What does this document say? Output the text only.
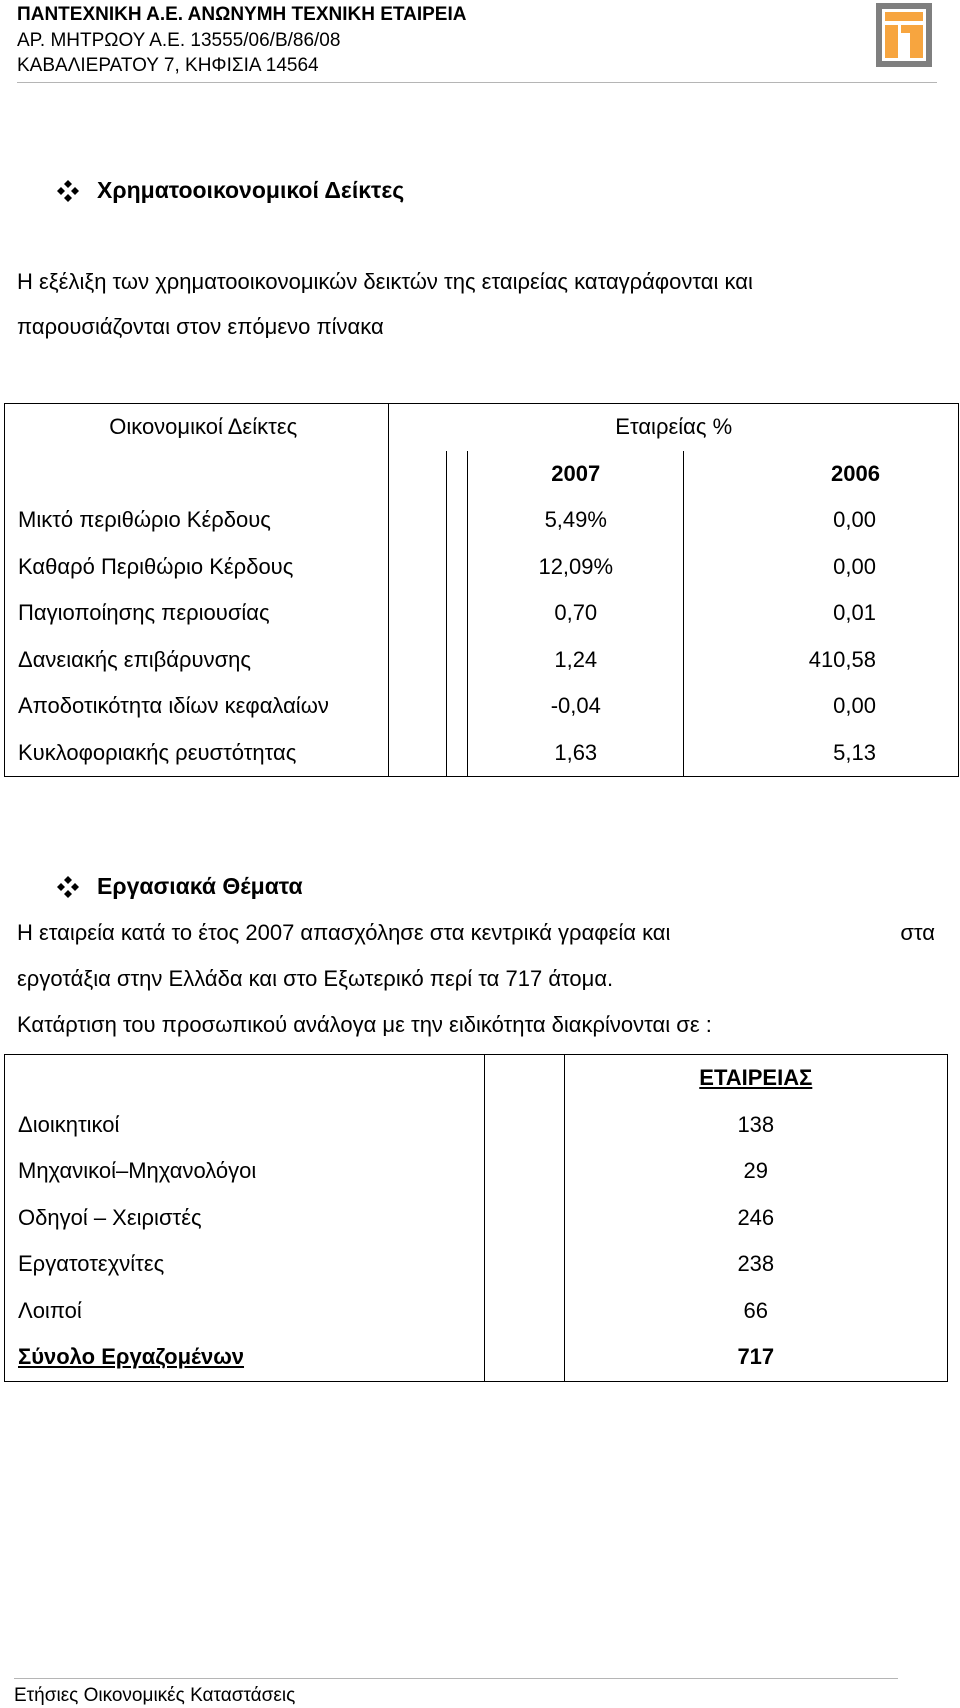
ΠΑΝΤΕΧΝΙΚΗ Α.Ε. ΑΝΩΝΥΜΗ ΤΕΧΝΙΚΗ ΕΤΑΙΡΕΙΑ
ΑΡ. ΜΗΤΡΩΟΥ Α.Ε. 13555/06/Β/86/08
ΚΑΒΑΛΙΕΡΑΤΟΥ 7, ΚΗΦΙΣΙΑ 14564
Χρηματοοικονομικοί Δείκτες
Η εξέλιξη των χρηματοοικονομικών δεικτών της εταιρείας καταγράφονται και
παρουσιάζονται στον επόμενο πίνακα
Οικονομικοί Δείκτες	Εταιρείας %			
			2007	2006
Μικτό περιθώριο Κέρδους			5,49%	0,00
Καθαρό Περιθώριο Κέρδους			12,09%	0,00
Παγιοποίησης περιουσίας			0,70	0,01
Δανειακής επιβάρυνσης			1,24	410,58
Αποδοτικότητα ιδίων κεφαλαίων			-0,04	0,00
Κυκλοφοριακής ρευστότητας			1,63	5,13
Εργασιακά Θέματα
Η εταιρεία κατά το έτος 2007 απασχόλησε στα κεντρικά γραφεία και	στα
εργοτάξια στην Ελλάδα και στο Εξωτερικό περί τα 717 άτομα.
Κατάρτιση του προσωπικού ανάλογα με την ειδικότητα διακρίνονται σε :
		ΕΤΑΙΡΕΙΑΣ
Διοικητικοί		138
Μηχανικοί–Μηχανολόγοι		29
Οδηγοί – Χειριστές		246
Εργατοτεχνίτες		238
Λοιποί		66
Σύνολο Εργαζομένων		717
Ετήσιες Οικονομικές Καταστάσεις
